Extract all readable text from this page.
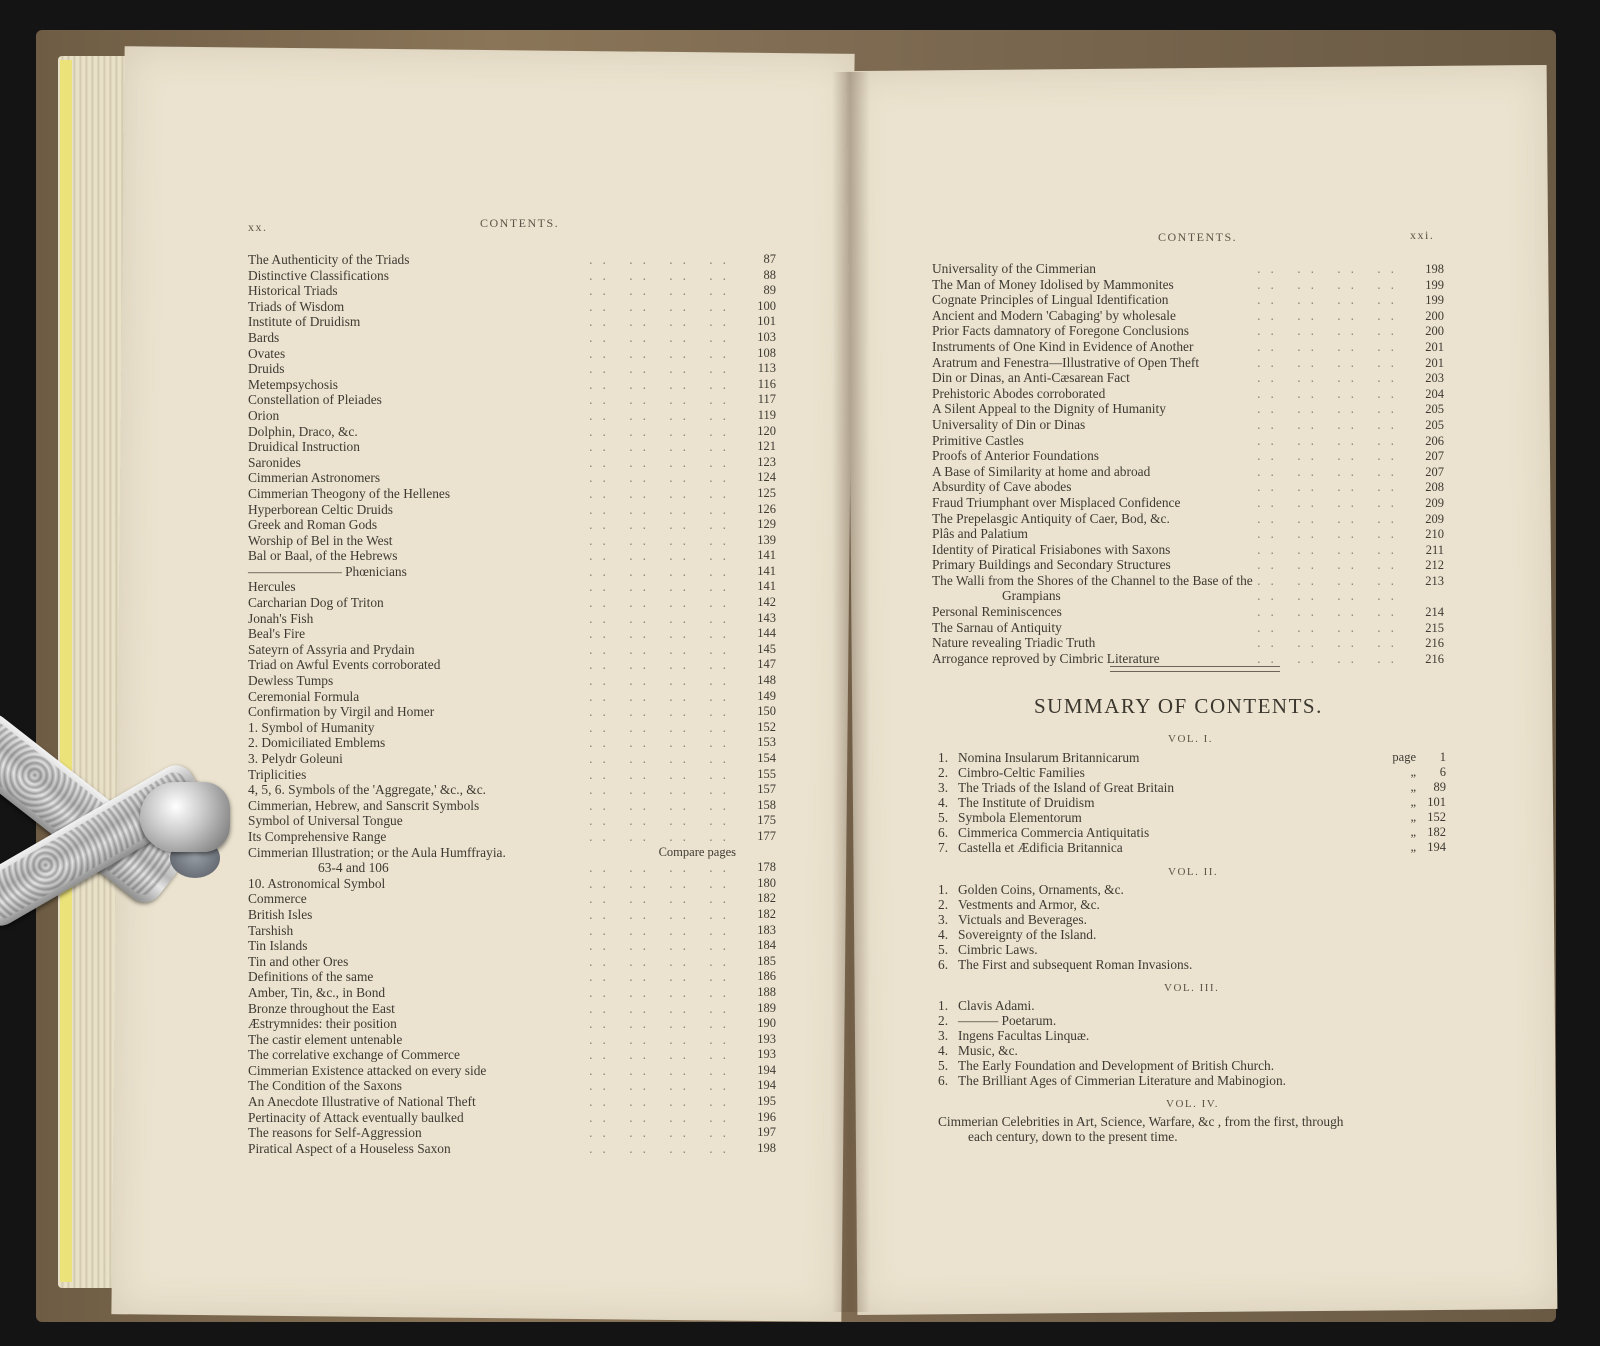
xx.	CONTENTS.
The Authenticity of the Triads	.. .. .. .. 87
Distinctive Classifications	.. .. .. .. 88
Historical Triads	.. .. .. .. 89
Triads of Wisdom	.. .. .. .. 100
Institute of Druidism	.. .. .. .. 101
Bards	.. .. .. .. 103
Ovates	.. .. .. .. 108
Druids	.. .. .. .. 113
Metempsychosis	.. .. .. .. 116
Constellation of Pleiades	.. .. .. .. 117
Orion	.. .. .. .. 119
Dolphin, Draco, &c.	.. .. .. .. 120
Druidical Instruction	.. .. .. .. 121
Saronides	.. .. .. .. 123
Cimmerian Astronomers	.. .. .. .. 124
Cimmerian Theogony of the Hellenes	.. .. .. .. 125
Hyperborean Celtic Druids	.. .. .. .. 126
Greek and Roman Gods	.. .. .. .. 129
Worship of Bel in the West	.. .. .. .. 139
Bal or Baal, of the Hebrews	.. .. .. .. 141
——————— Phœnicians	.. .. .. .. 141
Hercules	.. .. .. .. 141
Carcharian Dog of Triton	.. .. .. .. 142
Jonah's Fish	.. .. .. .. 143
Beal's Fire	.. .. .. .. 144
Sateyrn of Assyria and Prydain	.. .. .. .. 145
Triad on Awful Events corroborated	.. .. .. .. 147
Dewless Tumps	.. .. .. .. 148
Ceremonial Formula	.. .. .. .. 149
Confirmation by Virgil and Homer	.. .. .. .. 150
1. Symbol of Humanity	.. .. .. .. 152
2. Domiciliated Emblems	.. .. .. .. 153
3. Pelydr Goleuni	.. .. .. .. 154
Triplicities	.. .. .. .. 155
4, 5, 6. Symbols of the 'Aggregate,' &c., &c.	.. .. .. .. 157
Cimmerian, Hebrew, and Sanscrit Symbols	.. .. .. .. 158
Symbol of Universal Tongue	.. .. .. .. 175
Its Comprehensive Range	.. .. .. .. 177
Cimmerian Illustration; or the Aula Humffrayia.	Compare pages
63-4 and 106	.. .. .. .. 178
10. Astronomical Symbol	.. .. .. .. 180
Commerce	.. .. .. .. 182
British Isles	.. .. .. .. 182
Tarshish	.. .. .. .. 183
Tin Islands	.. .. .. .. 184
Tin and other Ores	.. .. .. .. 185
Definitions of the same	.. .. .. .. 186
Amber, Tin, &c., in Bond	.. .. .. .. 188
Bronze throughout the East	.. .. .. .. 189
Æstrymnides: their position	.. .. .. .. 190
The castir element untenable	.. .. .. .. 193
The correlative exchange of Commerce	.. .. .. .. 193
Cimmerian Existence attacked on every side	.. .. .. .. 194
The Condition of the Saxons	.. .. .. .. 194
An Anecdote Illustrative of National Theft	.. .. .. .. 195
Pertinacity of Attack eventually baulked	.. .. .. .. 196
The reasons for Self-Aggression	.. .. .. .. 197
Piratical Aspect of a Houseless Saxon	.. .. .. .. 198
CONTENTS.	xxi.
Universality of the Cimmerian	.. .. .. .. 198
The Man of Money Idolised by Mammonites	.. .. .. .. 199
Cognate Principles of Lingual Identification	.. .. .. .. 199
Ancient and Modern 'Cabaging' by wholesale	.. .. .. .. 200
Prior Facts damnatory of Foregone Conclusions	.. .. .. .. 200
Instruments of One Kind in Evidence of Another	.. .. .. .. 201
Aratrum and Fenestra—Illustrative of Open Theft	.. .. .. .. 201
Din or Dinas, an Anti-Cæsarean Fact	.. .. .. .. 203
Prehistoric Abodes corroborated	.. .. .. .. 204
A Silent Appeal to the Dignity of Humanity	.. .. .. .. 205
Universality of Din or Dinas	.. .. .. .. 205
Primitive Castles	.. .. .. .. 206
Proofs of Anterior Foundations	.. .. .. .. 207
A Base of Similarity at home and abroad	.. .. .. .. 207
Absurdity of Cave abodes	.. .. .. .. 208
Fraud Triumphant over Misplaced Confidence	.. .. .. .. 209
The Prepelasgic Antiquity of Caer, Bod, &c.	.. .. .. .. 209
Plâs and Palatium	.. .. .. .. 210
Identity of Piratical Frisiabones with Saxons	.. .. .. .. 211
Primary Buildings and Secondary Structures	.. .. .. .. 212
The Walli from the Shores of the Channel to the Base of the .. .. .. .. 213
Grampians	.. .. .. ..
Personal Reminiscences	.. .. .. .. 214
The Sarnau of Antiquity	.. .. .. .. 215
Nature revealing Triadic Truth	.. .. .. .. 216
Arrogance reproved by Cimbric Literature	.. .. .. .. 216
SUMMARY OF CONTENTS.
VOL. I.
1. Nomina Insularum Britannicarum	page 1
2. Cimbro-Celtic Families	„ 6
3. The Triads of the Island of Great Britain	„ 89
4. The Institute of Druidism	„ 101
5. Symbola Elementorum	„ 152
6. Cimmerica Commercia Antiquitatis	„ 182
7. Castella et Ædificia Britannica	„ 194
VOL. II.
1. Golden Coins, Ornaments, &c.
2. Vestments and Armor, &c.
3. Victuals and Beverages.
4. Sovereignty of the Island.
5. Cimbric Laws.
6. The First and subsequent Roman Invasions.
VOL. III.
1. Clavis Adami.
2. ——— Poetarum.
3. Ingens Facultas Linquæ.
4. Music, &c.
5. The Early Foundation and Development of British Church.
6. The Brilliant Ages of Cimmerian Literature and Mabinogion.
VOL. IV.
Cimmerian Celebrities in Art, Science, Warfare, &c , from the first, through
each century, down to the present time.
